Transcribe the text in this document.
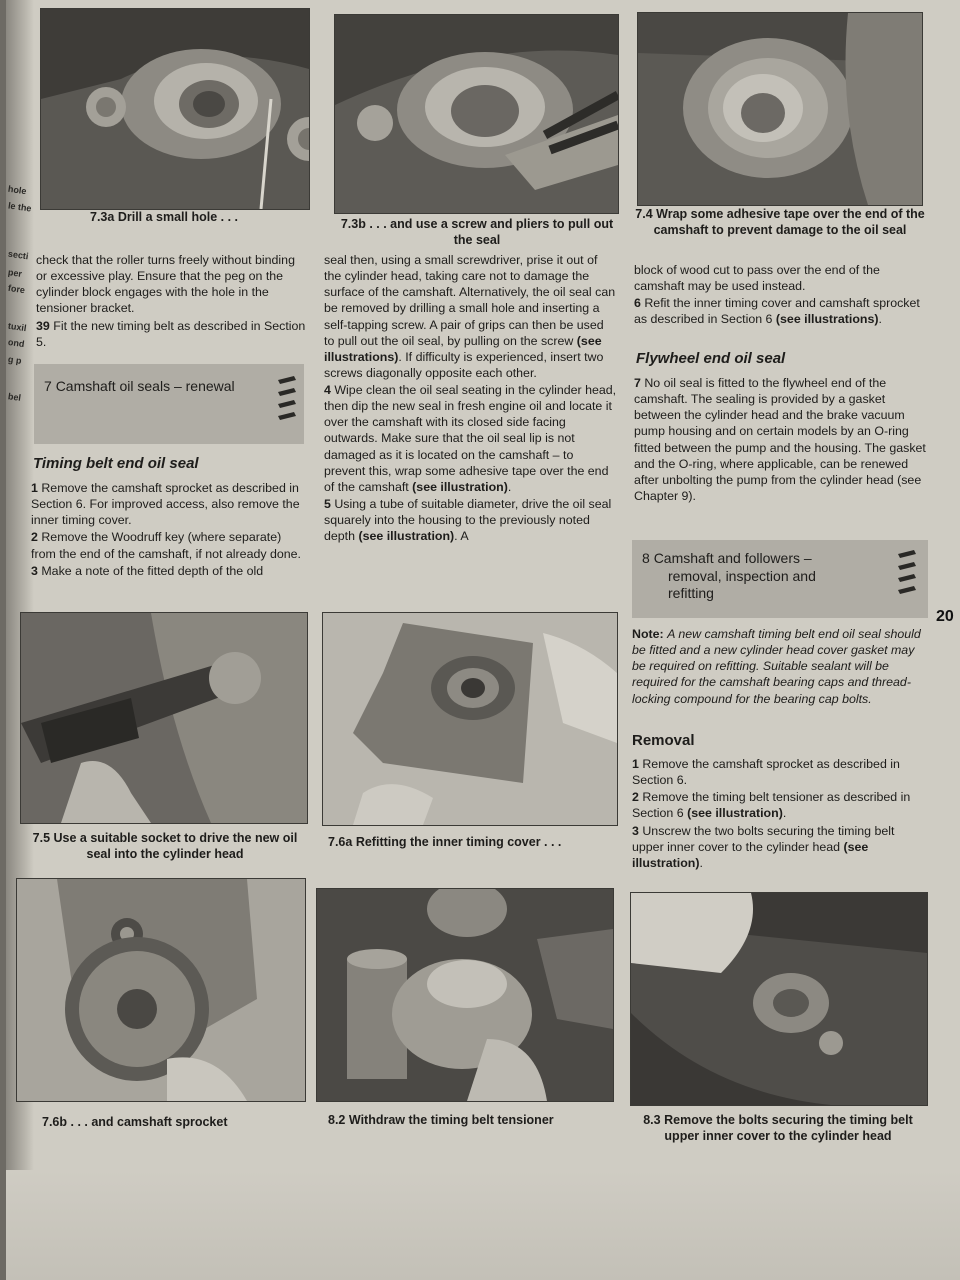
hole
le the
secti
per
fore
tuxil
ond
g p
bel
7.3a Drill a small hole . . .	7.3b . . . and use a screw and pliers to pull out the seal
7.4 Wrap some adhesive tape over the end of the camshaft to prevent damage to the oil seal

check that the roller turns freely without binding or excessive play. Ensure that the peg on the cylinder block engages with the hole in the tensioner bracket.

39 Fit the new timing belt as described in Section 5.

7 Camshaft oil seals – renewal
Timing belt end oil seal

1 Remove the camshaft sprocket as described in Section 6. For improved access, also remove the inner timing cover.

2 Remove the Woodruff key (where separate) from the end of the camshaft, if not already done.

3 Make a note of the fitted depth of the old

seal then, using a small screwdriver, prise it out of the cylinder head, taking care not to damage the surface of the camshaft. Alternatively, the oil seal can be removed by drilling a small hole and inserting a self-tapping screw. A pair of grips can then be used to pull out the oil seal, by pulling on the screw (see illustrations). If difficulty is experienced, insert two screws diagonally opposite each other.

4 Wipe clean the oil seal seating in the cylinder head, then dip the new seal in fresh engine oil and locate it over the camshaft with its closed side facing outwards. Make sure that the oil seal lip is not damaged as it is located on the camshaft – to prevent this, wrap some adhesive tape over the end of the camshaft (see illustration).

5 Using a tube of suitable diameter, drive the oil seal squarely into the housing to the previously noted depth (see illustration). A

block of wood cut to pass over the end of the camshaft may be used instead.

6 Refit the inner timing cover and camshaft sprocket as described in Section 6 (see illustrations).

Flywheel end oil seal

7 No oil seal is fitted to the flywheel end of the camshaft. The sealing is provided by a gasket between the cylinder head and the brake vacuum pump housing and on certain models by an O-ring fitted between the pump and the housing. The gasket and the O-ring, where applicable, can be renewed after unbolting the pump from the cylinder head (see Chapter 9).

8 Camshaft and followers –
removal, inspection and
refitting

Note: A new camshaft timing belt end oil seal should be fitted and a new cylinder head cover gasket may be required on refitting. Suitable sealant will be required for the camshaft bearing caps and thread-locking compound for the bearing cap bolts.

Removal

1 Remove the camshaft sprocket as described in Section 6.

2 Remove the timing belt tensioner as described in Section 6 (see illustration).

3 Unscrew the two bolts securing the timing belt upper inner cover to the cylinder head (see illustration).

20
7.5 Use a suitable socket to drive the new oil seal into the cylinder head
7.6a Refitting the inner timing cover . . .
7.6b . . . and camshaft sprocket	8.2 Withdraw the timing belt tensioner	8.3 Remove the bolts securing the timing belt upper inner cover to the cylinder head
